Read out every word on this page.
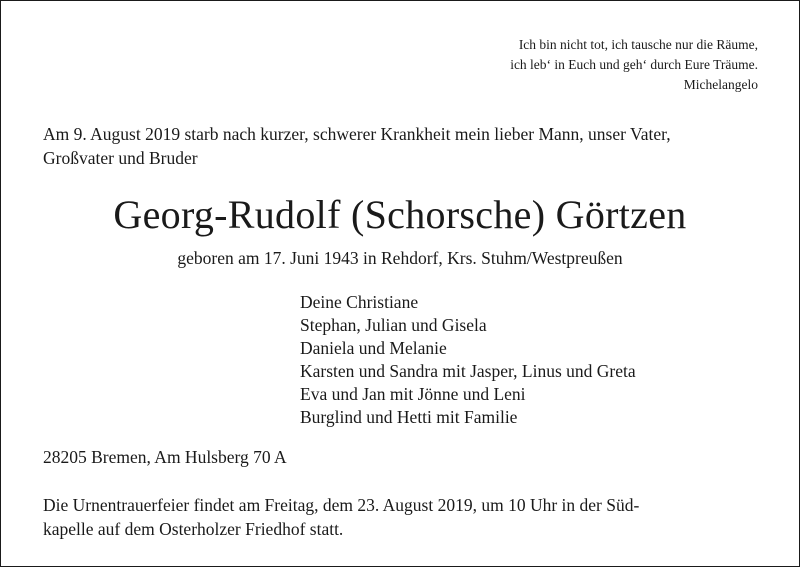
Ich bin nicht tot, ich tausche nur die Räume,
ich leb‘ in Euch und geh‘ durch Eure Träume.
Michelangelo
Am 9. August 2019 starb nach kurzer, schwerer Krankheit mein lieber Mann, unser Vater,
Großvater und Bruder
Georg-Rudolf (Schorsche) Görtzen
geboren am 17. Juni 1943 in Rehdorf, Krs. Stuhm/Westpreußen
Deine Christiane
Stephan, Julian und Gisela
Daniela und Melanie
Karsten und Sandra mit Jasper, Linus und Greta
Eva und Jan mit Jönne und Leni
Burglind und Hetti mit Familie
28205 Bremen, Am Hulsberg 70 A
Die Urnentrauerfeier findet am Freitag, dem 23. August 2019, um 10 Uhr in der Süd-
kapelle auf dem Osterholzer Friedhof statt.
